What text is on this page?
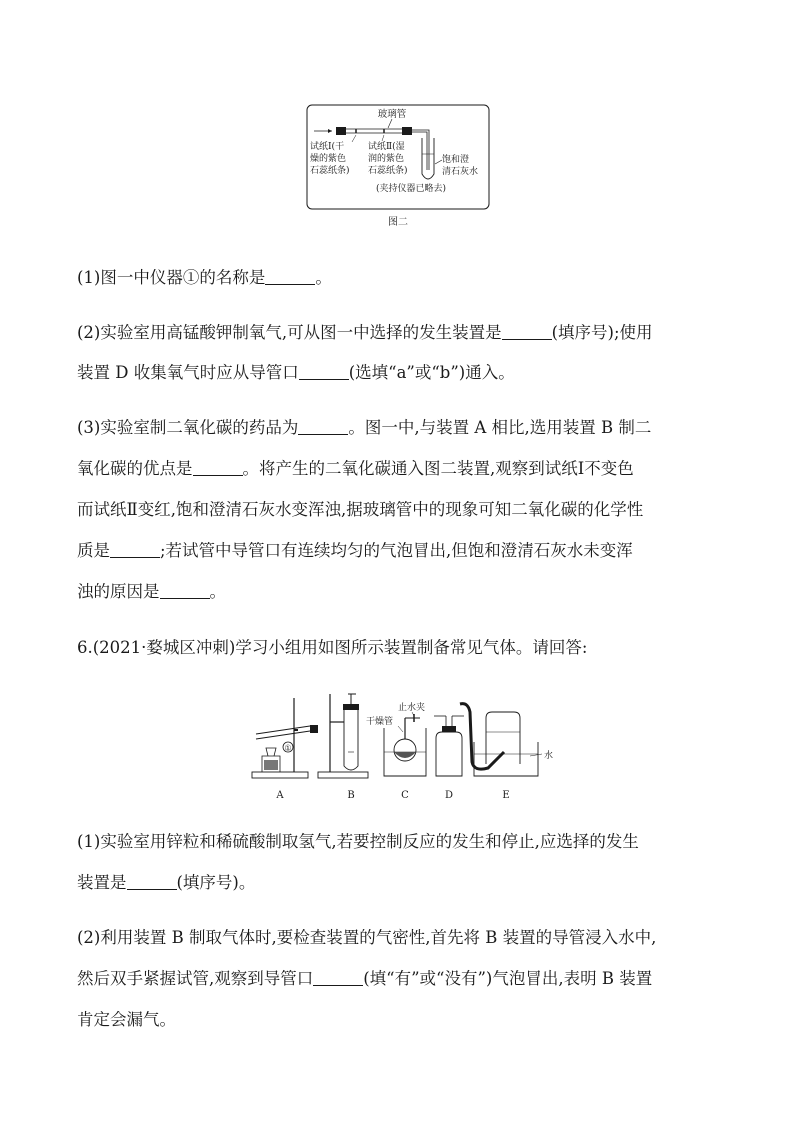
玻璃管
试纸Ⅰ(干
燥的紫色
石蕊纸条)
试纸Ⅱ(湿
润的紫色
石蕊纸条)
饱和澄
清石灰水
(夹持仪器已略去)
图二
(1)图一中仪器①的名称是	。
(2)实验室用高锰酸钾制氧气,可从图一中选择的发生装置是	(填序号);使用
装置 D 收集氧气时应从导管口	(选填“a”或“b”)通入。
(3)实验室制二氧化碳的药品为	。图一中,与装置 A 相比,选用装置 B 制二
氧化碳的优点是	。将产生的二氧化碳通入图二装置,观察到试纸Ⅰ不变色
而试纸Ⅱ变红,饱和澄清石灰水变浑浊,据玻璃管中的现象可知二氧化碳的化学性
质是	;若试管中导管口有连续均匀的气泡冒出,但饱和澄清石灰水未变浑
浊的原因是	。
6.(2021·婺城区冲刺)学习小组用如图所示装置制备常见气体。请回答:
①
A	B
止水夹
干燥管
C	D
水
E
(1)实验室用锌粒和稀硫酸制取氢气,若要控制反应的发生和停止,应选择的发生
装置是	(填序号)。
(2)利用装置 B 制取气体时,要检查装置的气密性,首先将 B 装置的导管浸入水中,
然后双手紧握试管,观察到导管口	(填“有”或“没有”)气泡冒出,表明 B 装置
肯定会漏气。
